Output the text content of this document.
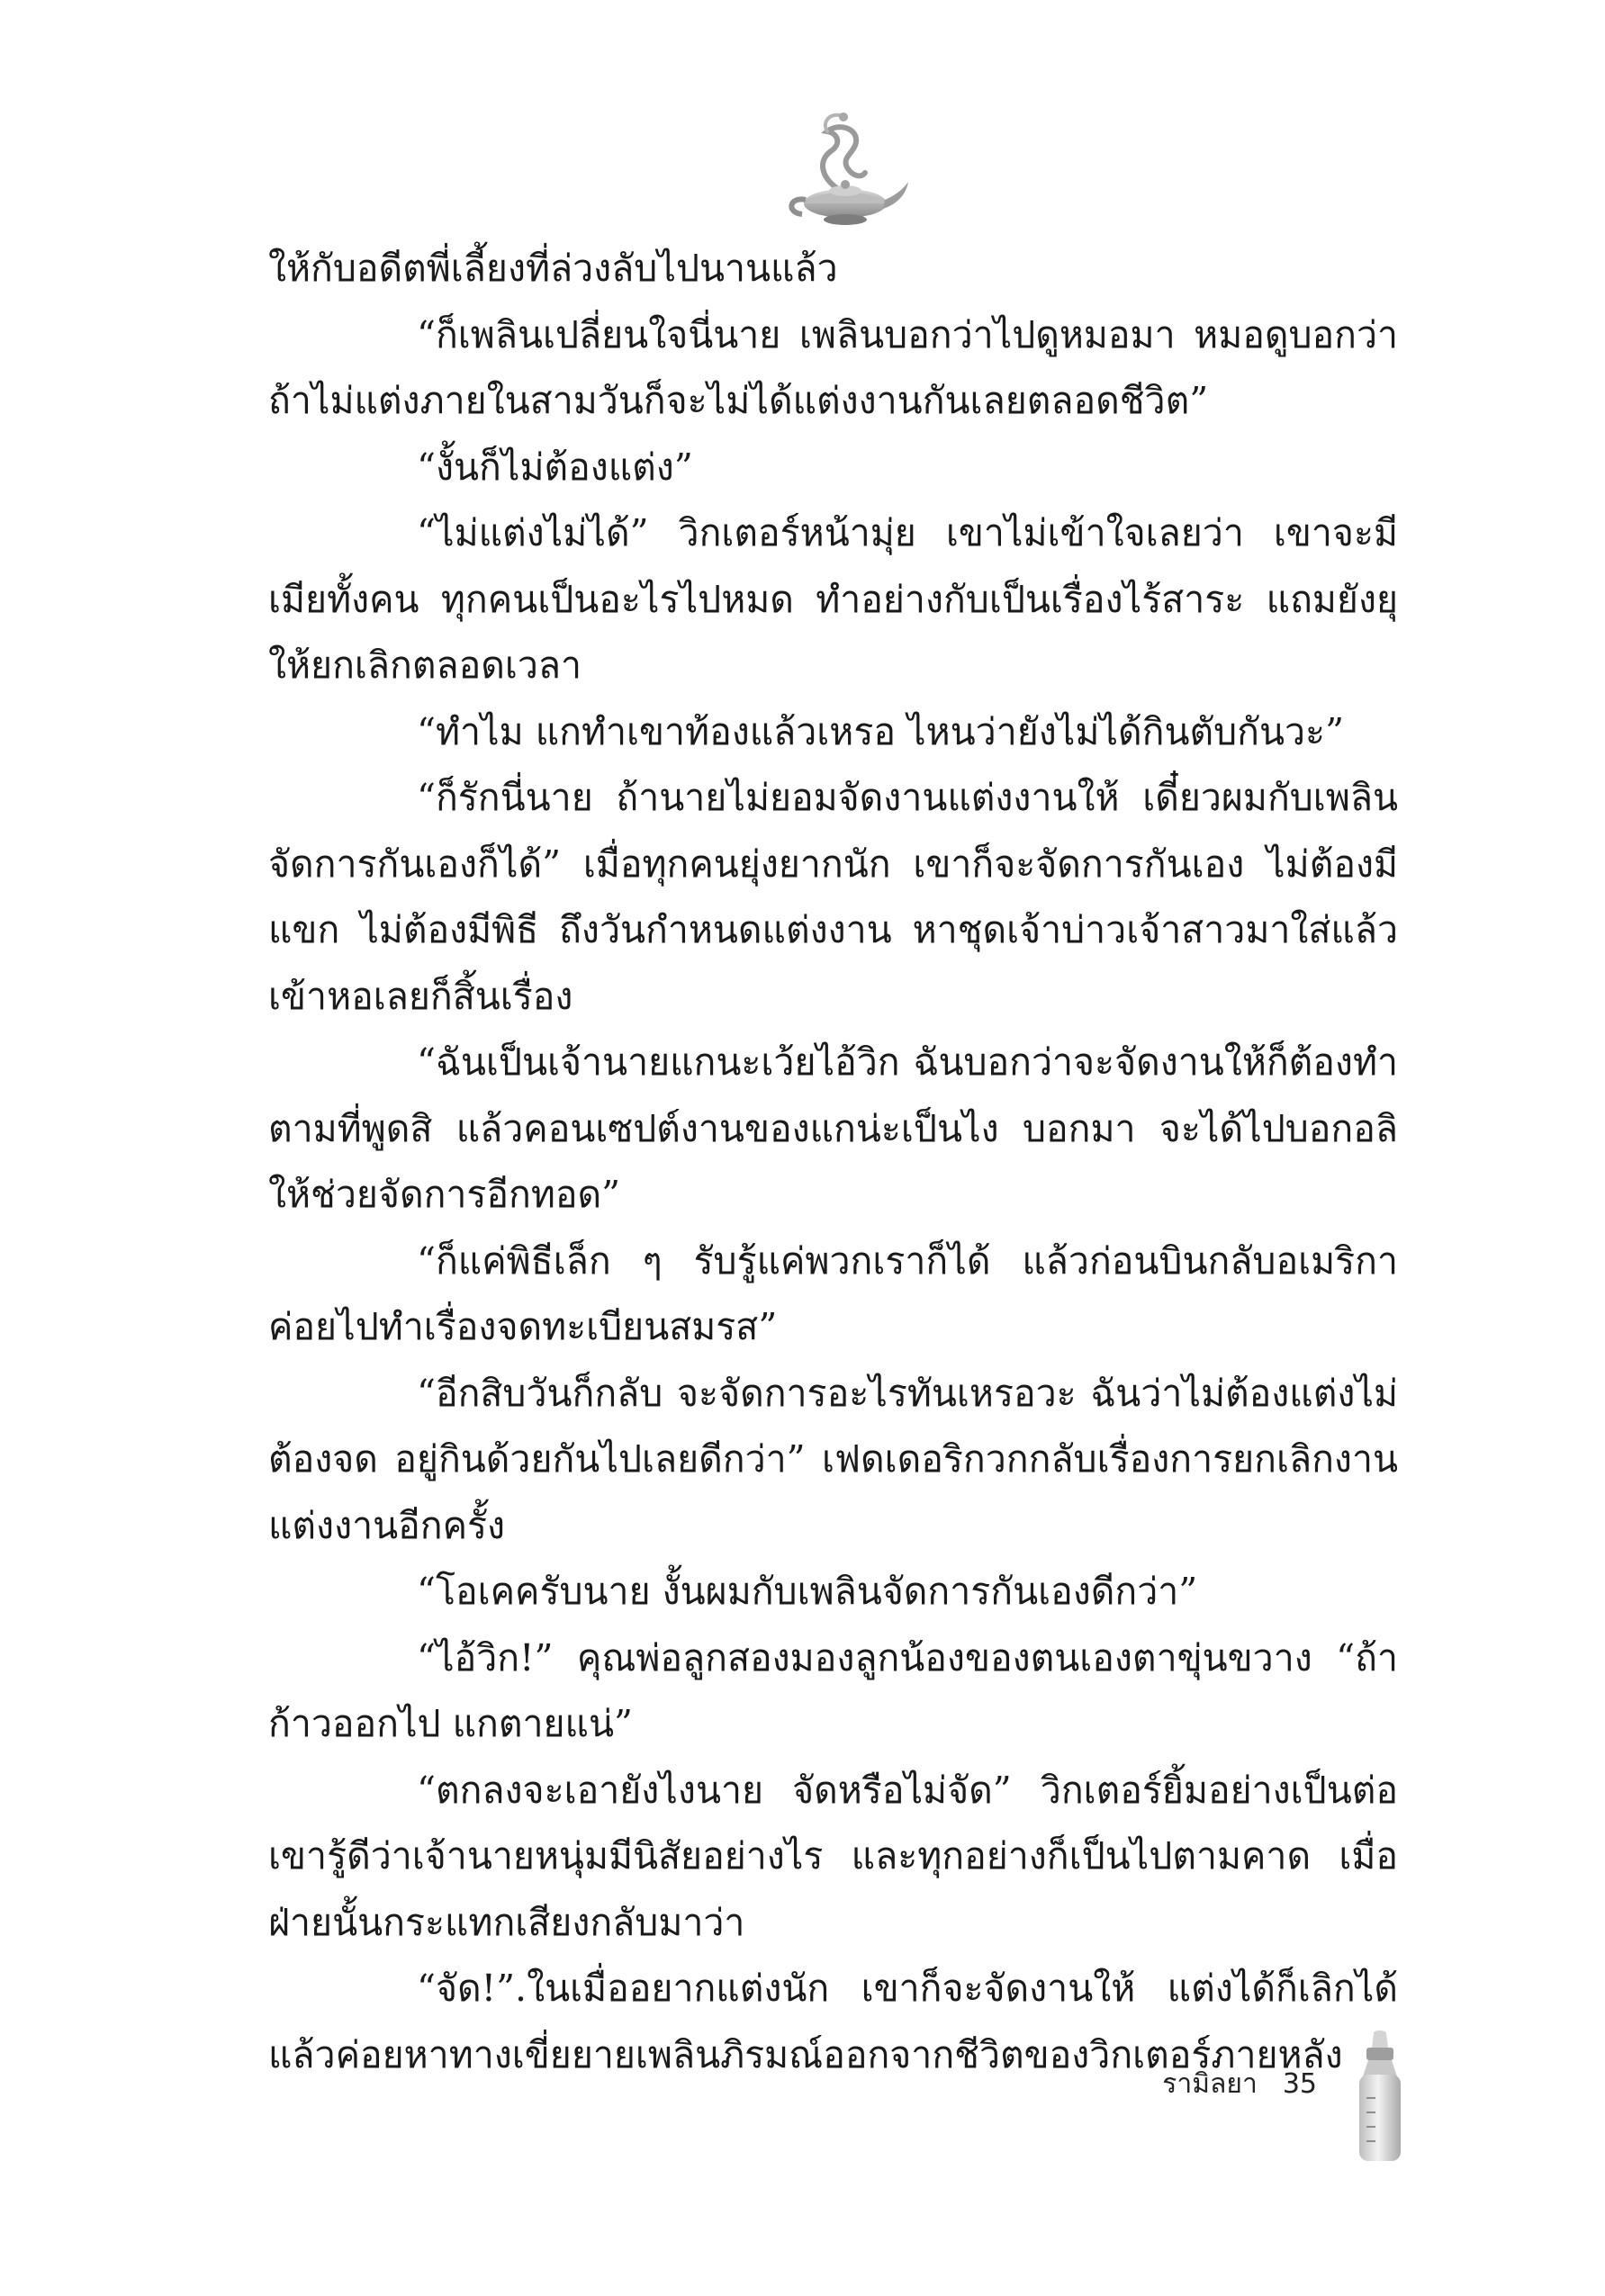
ให้กับอดีตพี่เลี้ยงที่ล่วงลับไปนานแล้ว

“ก็เพลินเปลี่ยนใจนี่นาย เพลินบอกว่าไปดูหมอมา หมอดูบอกว่าถ้าไม่แต่งภายในสามวันก็จะไม่ได้แต่งงานกันเลยตลอดชีวิต”

“งั้นก็ไม่ต้องแต่ง”

“ไม่แต่งไม่ได้” วิกเตอร์หน้ามุ่ย เขาไม่เข้าใจเลยว่า เขาจะมีเมียทั้งคน ทุกคนเป็นอะไรไปหมด ทำอย่างกับเป็นเรื่องไร้สาระ แถมยังยุให้ยกเลิกตลอดเวลา

“ทำไม แกทำเขาท้องแล้วเหรอ ไหนว่ายังไม่ได้กินตับกันวะ”

“ก็รักนี่นาย ถ้านายไม่ยอมจัดงานแต่งงานให้ เดี๋ยวผมกับเพลินจัดการกันเองก็ได้” เมื่อทุกคนยุ่งยากนัก เขาก็จะจัดการกันเอง ไม่ต้องมีแขก ไม่ต้องมีพิธี ถึงวันกำหนดแต่งงาน หาชุดเจ้าบ่าวเจ้าสาวมาใส่แล้วเข้าหอเลยก็สิ้นเรื่อง

“ฉันเป็นเจ้านายแกนะเว้ยไอ้วิก ฉันบอกว่าจะจัดงานให้ก็ต้องทำตามที่พูดสิ แล้วคอนเซปต์งานของแกน่ะเป็นไง บอกมา จะได้ไปบอกอลิให้ช่วยจัดการอีกทอด”

“ก็แค่พิธีเล็ก ๆ รับรู้แค่พวกเราก็ได้ แล้วก่อนบินกลับอเมริกาค่อยไปทำเรื่องจดทะเบียนสมรส”

“อีกสิบวันก็กลับ จะจัดการอะไรทันเหรอวะ ฉันว่าไม่ต้องแต่งไม่ต้องจด อยู่กินด้วยกันไปเลยดีกว่า” เฟดเดอริกวกกลับเรื่องการยกเลิกงานแต่งงานอีกครั้ง

“โอเคครับนาย งั้นผมกับเพลินจัดการกันเองดีกว่า”

“ไอ้วิก!” คุณพ่อลูกสองมองลูกน้องของตนเองตาขุ่นขวาง “ถ้าก้าวออกไป แกตายแน่”

“ตกลงจะเอายังไงนาย จัดหรือไม่จัด” วิกเตอร์ยิ้มอย่างเป็นต่อเขารู้ดีว่าเจ้านายหนุ่มมีนิสัยอย่างไร และทุกอย่างก็เป็นไปตามคาด เมื่อฝ่ายนั้นกระแทกเสียงกลับมาว่า

“จัด!”.ในเมื่ออยากแต่งนัก เขาก็จะจัดงานให้ แต่งได้ก็เลิกได้แล้วค่อยหาทางเขี่ยยายเพลินภิรมณ์ออกจากชีวิตของวิกเตอร์ภายหลัง

รามิลยา 35
